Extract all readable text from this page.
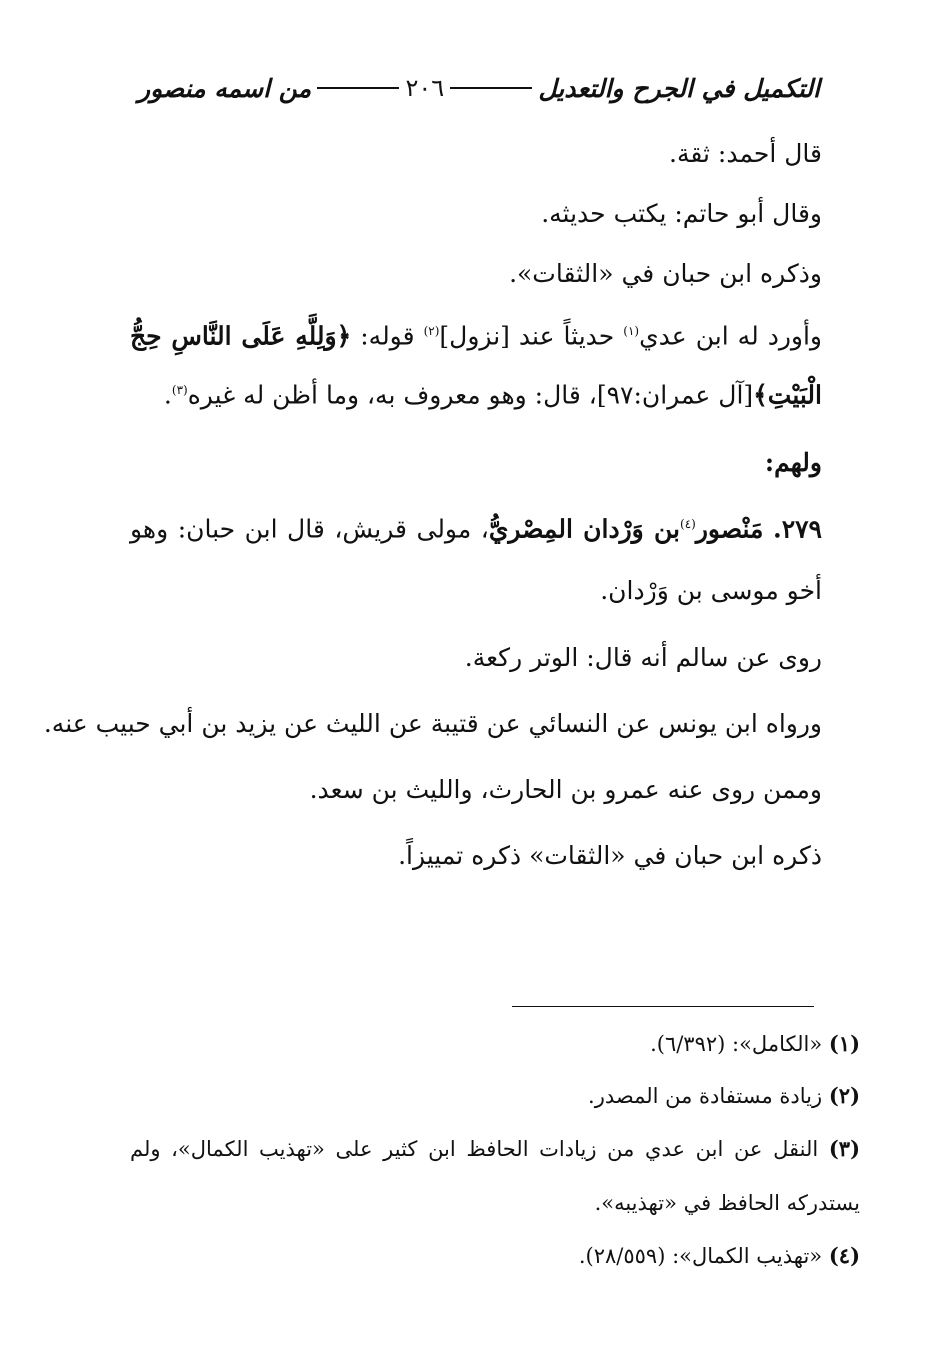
التكميل في الجرح والتعديل
٢٠٦
من اسمه منصور

قال أحمد: ثقة.

وقال أبو حاتم: يكتب حديثه.

وذكره ابن حبان في «الثقات».

وأورد له ابن عدي$^{(١)}$ حديثاً عند [نزول]$^{(٢)}$ قوله: ﴿وَلِلَّهِ عَلَى النَّاسِ حِجُّ الْبَيْتِ﴾[آل عمران:٩٧]، قال: وهو معروف به، وما أظن له غيره$^{(٣)}$.

ولهم:

٢٧٩. مَنْصور$^{(٤)}$بن وَرْدان المِصْريُّ، مولى قريش، قال ابن حبان: وهو أخو موسى بن وَرْدان.

روى عن سالم أنه قال: الوتر ركعة.

ورواه ابن يونس عن النسائي عن قتيبة عن الليث عن يزيد بن أبي حبيب عنه.

وممن روى عنه عمرو بن الحارث، والليث بن سعد.

ذكره ابن حبان في «الثقات» ذكره تمييزاً.

(١) «الكامل»: (٦/٣٩٢).

(٢) زيادة مستفادة من المصدر.

(٣) النقل عن ابن عدي من زيادات الحافظ ابن كثير على «تهذيب الكمال»، ولم يستدركه الحافظ في «تهذيبه».

(٤) «تهذيب الكمال»: (٢٨/٥٥٩).
